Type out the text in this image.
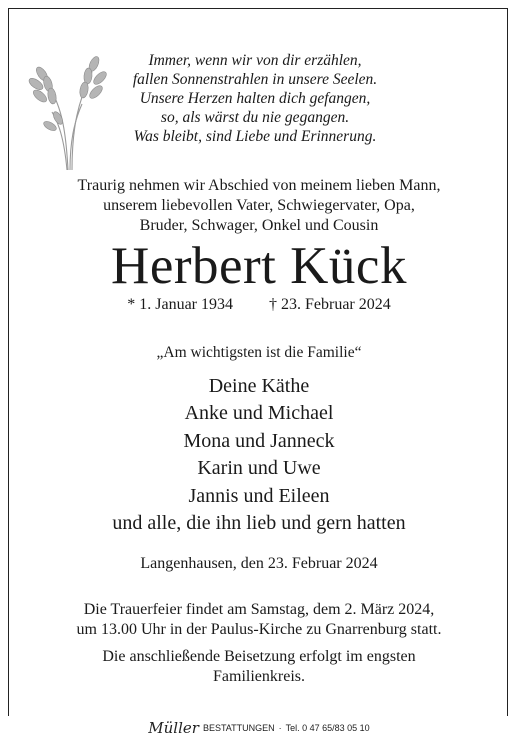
Immer, wenn wir von dir erzählen,
fallen Sonnenstrahlen in unsere Seelen.
Unsere Herzen halten dich gefangen,
so, als wärst du nie gegangen.
Was bleibt, sind Liebe und Erinnerung.
Traurig nehmen wir Abschied von meinem lieben Mann,
unserem liebevollen Vater, Schwiegervater, Opa,
Bruder, Schwager, Onkel und Cousin
Herbert Kück
* 1. Januar 1934 † 23. Februar 2024
„Am wichtigsten ist die Familie“
Deine Käthe
Anke und Michael
Mona und Janneck
Karin und Uwe
Jannis und Eileen
und alle, die ihn lieb und gern hatten
Langenhausen, den 23. Februar 2024
Die Trauerfeier findet am Samstag, dem 2. März 2024,
um 13.00 Uhr in der Paulus-Kirche zu Gnarrenburg statt.
Die anschließende Beisetzung erfolgt im engsten
Familienkreis.
Müller BESTATTUNGEN · Tel. 0 47 65/83 05 10
